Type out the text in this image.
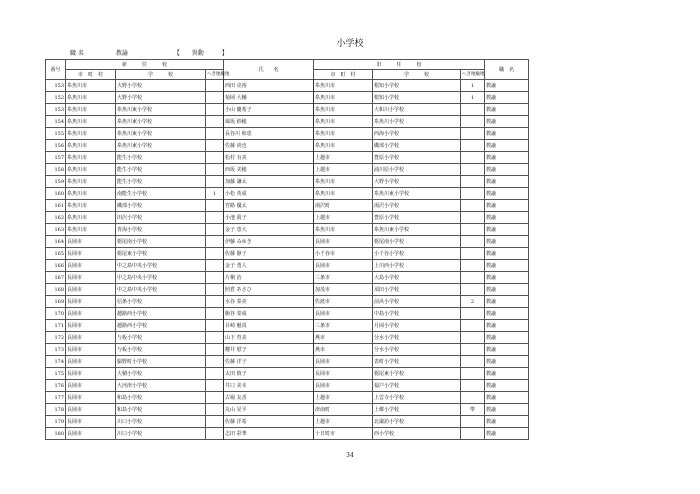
小学校
職 名	教諭	【 異動	】
番号	新　　　任　　　校			氏　　名	旧　　　任　　　校			職　名
	市　町　村	学　　　校	へき地級地		市　町　村	学　　　校	へき地級地	
153	糸魚川市	大野小学校		西田 克裕	糸魚川市	根知小学校	1	教諭
152	糸魚川市	大野小学校		菊岡 大輔	糸魚川市	根知小学校	1	教諭
153	糸魚川市	糸魚川東小学校		小山 慶希子	糸魚川市	大和川小学校		教諭
154	糸魚川市	糸魚川東小学校		風坂 紗穂	糸魚川市	糸魚川小学校		教諭
155	糸魚川市	糸魚川東小学校		長谷川 和恵	糸魚川市	西海小学校		教諭
156	糸魚川市	糸魚川東小学校		佐藤 尚也	糸魚川市	磯部小学校		教諭
157	糸魚川市	能生小学校		松村 有美	上越市	豊原小学校		教諭
158	糸魚川市	能生小学校		西坂 美穂	上越市	浦川原小学校		教諭
159	糸魚川市	能生小学校		加藤 謙太	糸魚川市	大野小学校		教諭
160	糸魚川市	南能生小学校	1	小松 英成	糸魚川市	糸魚川東小学校		教諭
161	糸魚川市	磯部小学校		宮路 優太	湯沢町	湯沢小学校		教諭
162	糸魚川市	田沢小学校		小池 眞子	上越市	豊原小学校		教諭
163	糸魚川市	青海小学校		金子 恵大	糸魚川市	糸魚川東小学校		教諭
164	長岡市	栃尾南小学校		伊藤 みゆき	長岡市	栃尾南小学校		教諭
165	長岡市	栃尾東小学校		佐藤 静子	小千谷市	小千谷小学校		教諭
166	長岡市	中之島中央小学校		金子 勇人	長岡市	上川西小学校		教諭
167	長岡市	中之島中央小学校		片桐 治	三条市	大島小学校		教諭
168	長岡市	中之島中央小学校		照倉 あさひ	加茂市	須田小学校		教諭
169	長岡市	信条小学校		水谷 泰美	佐渡市	前浜小学校	2	教諭
170	長岡市	越路西小学校		駒谷 泰成	長岡市	中島小学校		教諭
171	長岡市	越路西小学校		目崎 魁真	三条市	月岡小学校		教諭
172	長岡市	与板小学校		山下 育美	燕市	分水小学校		教諭
173	長岡市	与板小学校		櫻井 慰子	燕市	分水小学校		教諭
174	長岡市	脇野町小学校		佐藤 洋子	長岡市	表町小学校		教諭
175	長岡市	大積小学校		太田 慎子	長岡市	栃尾東小学校		教諭
176	長岡市	大河津小学校		井口 美幸	長岡市	福戸小学校		教諭
177	長岡市	和島小学校		古堀 友香	上越市	上雲寺小学校		教諭
178	長岡市	和島小学校		丸山 晃平	津南町	上郷小学校	準	教諭
179	長岡市	川口小学校		佐藤 洋希	上越市	北諏訪小学校		教諭
180	長岡市	川口小学校		志田 彩華	十日町市	西小学校		教諭
34
